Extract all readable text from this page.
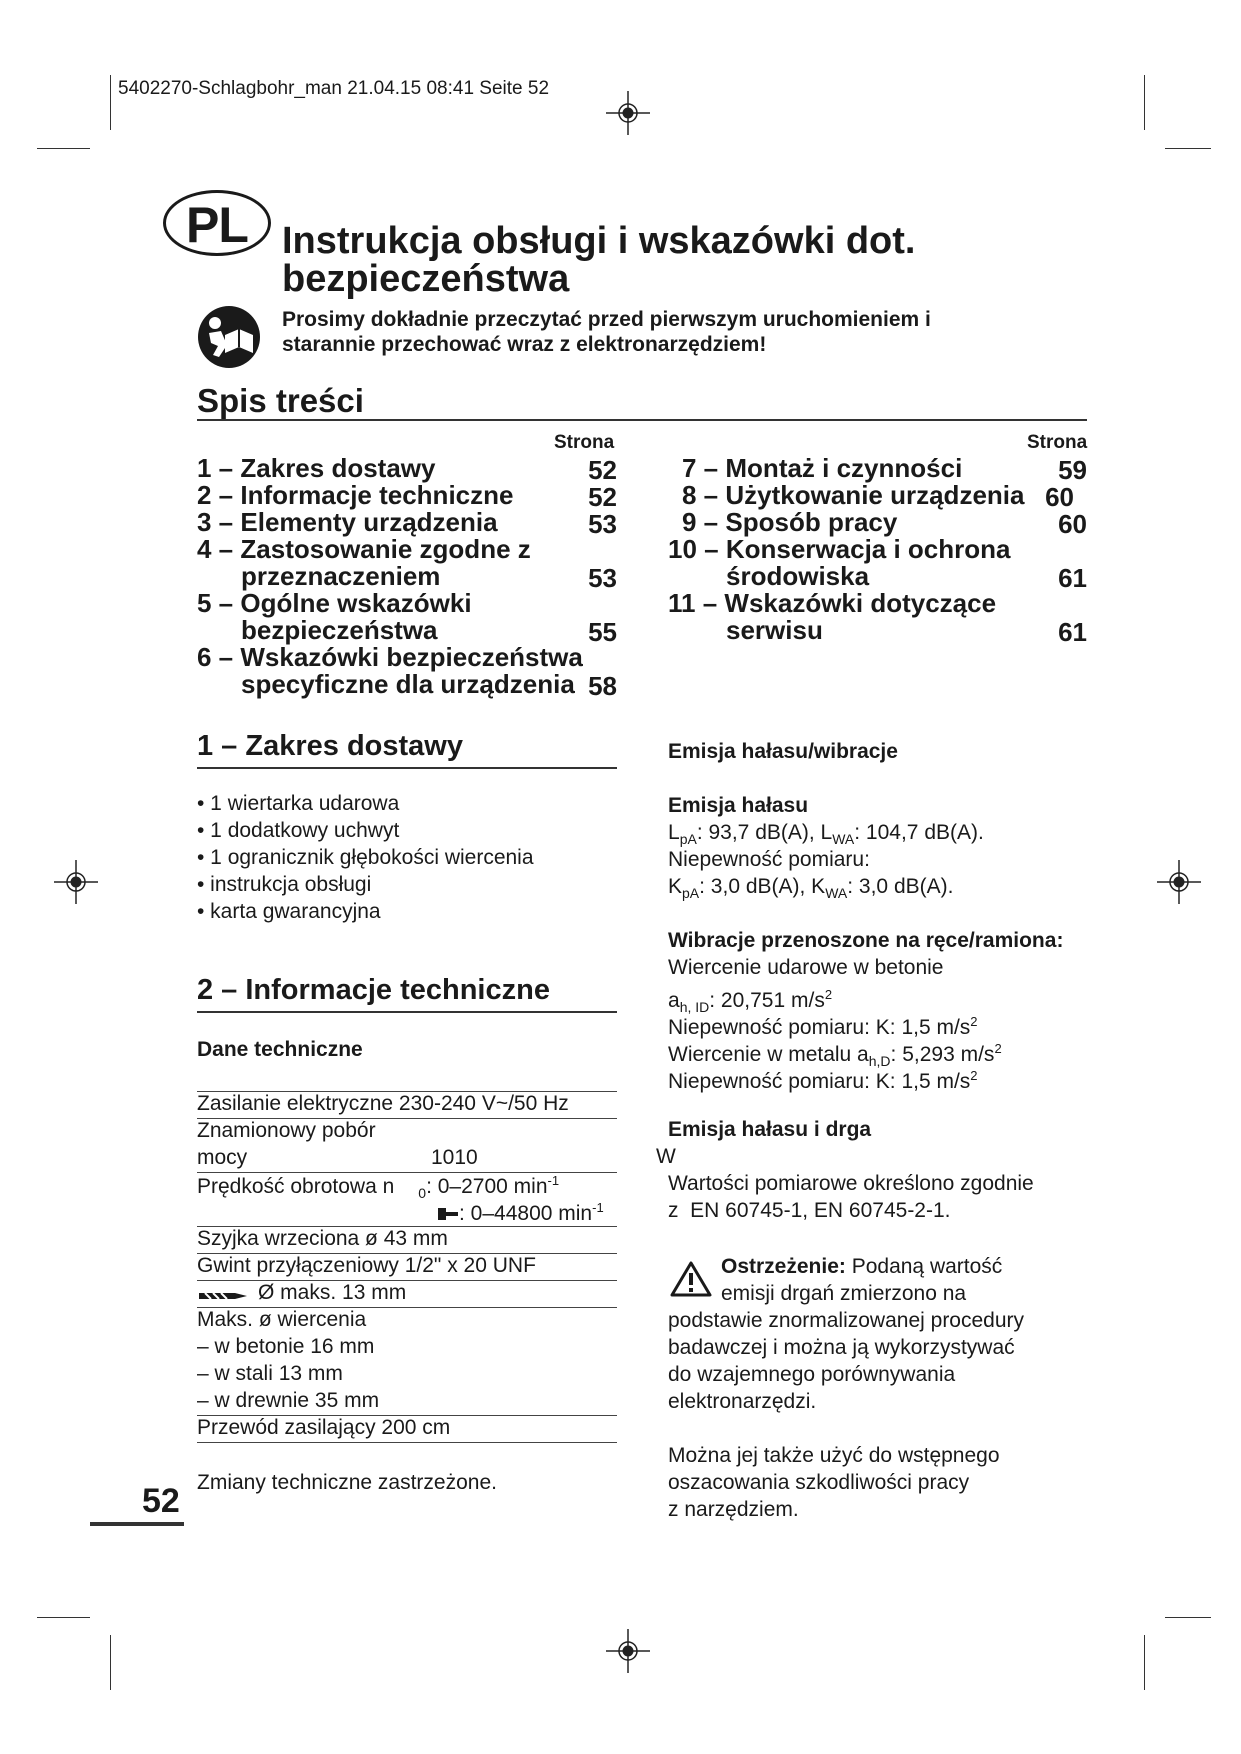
5402270-Schlagbohr_man 21.04.15 08:41 Seite 52
PL Instrukcja obsługi i wskazówki dot.
bezpieczeństwa
Prosimy dokładnie przeczytać przed pierwszym uruchomieniem i
starannie przechować wraz z elektronarzędziem!
Spis treści
Strona	Strona
1 – Zakres dostawy	52
2 – Informacje techniczne	52
3 – Elementy urządzenia	53
4 – Zastosowanie zgodne z
przeznaczeniem	53
5 – Ogólne wskazówki
bezpieczeństwa	55
6 – Wskazówki bezpieczeństwa
specyficzne dla urządzenia 58
7 – Montaż i czynności	59
8 – Użytkowanie urządzenia 60
9 – Sposób pracy	60
10 – Konserwacja i ochrona
środowiska	61
11 – Wskazówki dotyczące
serwisu	61
1 – Zakres dostawy
• 1 wiertarka udarowa
• 1 dodatkowy uchwyt
• 1 ogranicznik głębokości wiercenia
• instrukcja obsługi
• karta gwarancyjna
2 – Informacje techniczne
Dane techniczne
Zasilanie elektryczne 230-240 V~/50 Hz
Znamionowy pobór
mocy	1010
Prędkość obrotowa n $_0$: 0–2700 $\min^{-1}$
: 0–44800 $\min^{-1}$
Szyjka wrzeciona ø 43 mm
Gwint przyłączeniowy 1/2" x 20 UNF
Ø maks. 13 mm
Maks. ø wiercenia
– w betonie 16 mm
– w stali 13 mm
– w drewnie 35 mm
Przewód zasilający 200 cm
Zmiany techniczne zastrzeżone.
Emisja hałasu/wibracje
Emisja hałasu
$L_{pA}$: 93,7 dB(A), $L_{WA}$: 104,7 dB(A).
Niepewność pomiaru:
$K_{pA}$: 3,0 dB(A), $K_{WA}$: 3,0 dB(A).
Wibracje przenoszone na ręce/ramiona:
Wiercenie udarowe w betonie
$a_{h, ID}$: 20,751 $m/s^2$
Niepewność pomiaru: K: 1,5 $m/s^2$
Wiercenie w metalu $a_{h,D}$: 5,293 $m/s^2$
Niepewność pomiaru: K: 1,5 $m/s^2$
Emisja hałasu i drga
W
Wartości pomiarowe określono zgodnie
z EN 60745-1, EN 60745-2-1.
Ostrzeżenie: Podaną wartość
emisji drgań zmierzono na
podstawie znormalizowanej procedury
badawczej i można ją wykorzystywać
do wzajemnego porównywania
elektronarzędzi.
Można jej także użyć do wstępnego
oszacowania szkodliwości pracy
z narzędziem.
52
